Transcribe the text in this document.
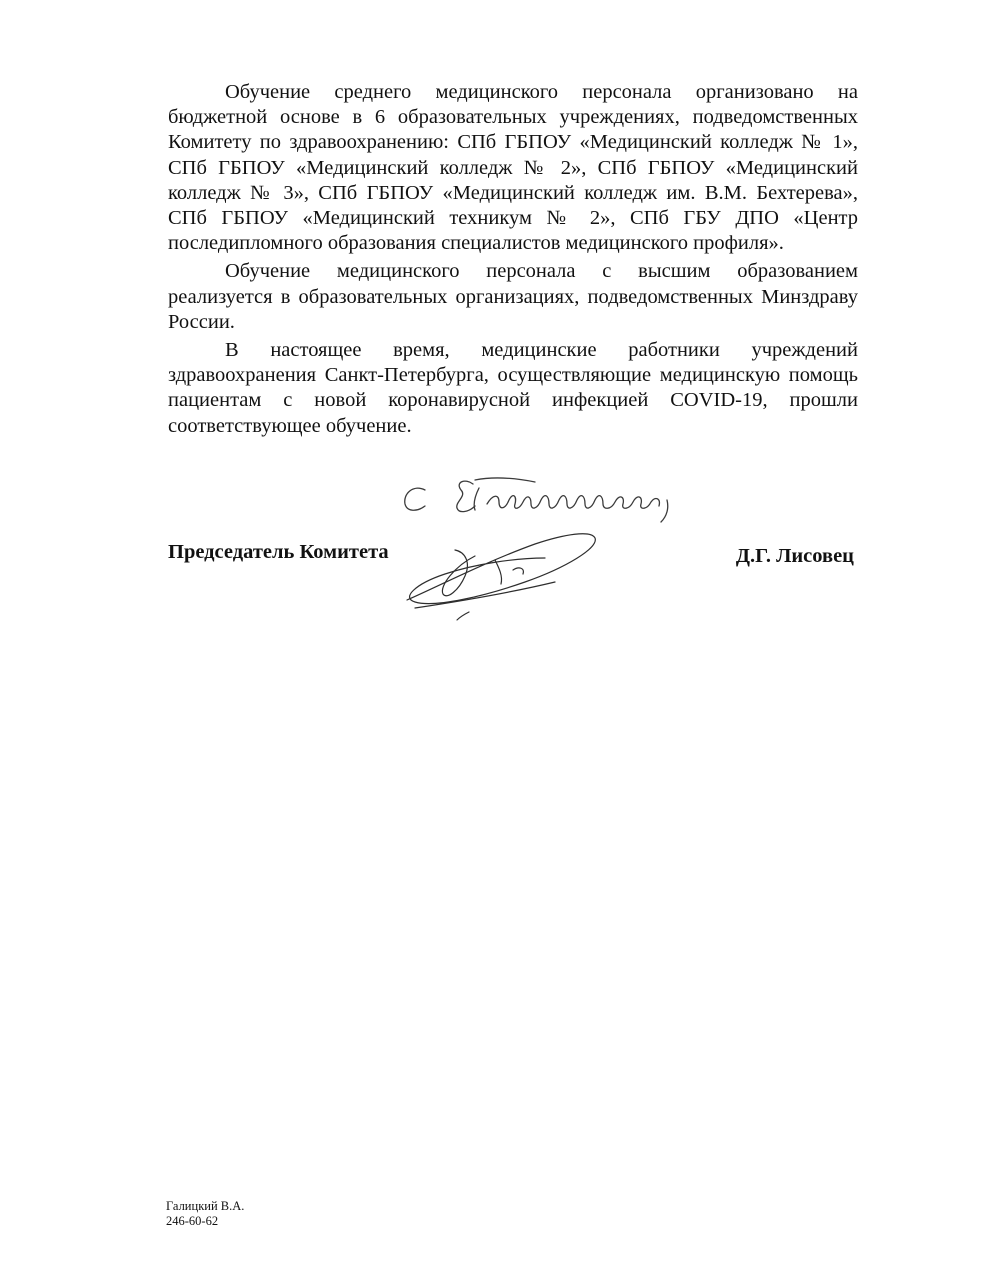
Обучение среднего медицинского персонала организовано на бюджетной основе в 6 образовательных учреждениях, подведомственных Комитету по здравоохранению: СПб ГБПОУ «Медицинский колледж № 1», СПб ГБПОУ «Медицинский колледж № 2», СПб ГБПОУ «Медицинский колледж № 3», СПб ГБПОУ «Медицинский колледж им. В.М. Бехтерева», СПб ГБПОУ «Медицинский техникум № 2», СПб ГБУ ДПО «Центр последипломного образования специалистов медицинского профиля».

Обучение медицинского персонала с высшим образованием реализуется в образовательных организациях, подведомственных Минздраву России.

В настоящее время, медицинские работники учреждений здравоохранения Санкт-Петербурга, осуществляющие медицинскую помощь пациентам с новой коронавирусной инфекцией COVID-19, прошли соответствующее обучение.

Председатель Комитета	Д.Г. Лисовец
Галицкий В.А.
246-60-62
